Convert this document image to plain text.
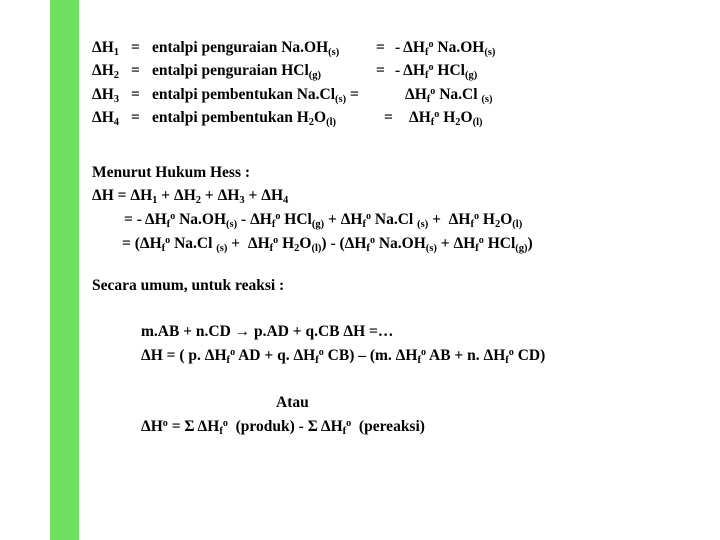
$\Delta H_1$ = entalpi penguraian $Na.OH_{(s)}$ = - $\Delta H_f^o$ $Na.OH_{(s)}$
$\Delta H_2$ = entalpi penguraian HCl$_{(g)}$	= - $\Delta H_f^o$ HCl$_{(g)}$
$\Delta H_3$ = entalpi pembentukan $Na.Cl_{(s)}$ =	$\Delta H_f^o$ Na.Cl $_{(s)}$
$\Delta H_4$ = entalpi pembentukan $H_2O_{(l)}$	= $\Delta H_f^o$ $H_2O_{(l)}$
Menurut Hukum Hess :
$\Delta H = \Delta H_1 + \Delta H_2 + \Delta H_3 + \Delta H_4$
= - $\Delta H_f^o$ $Na.OH_{(s)} - \Delta H_f^o$ $HCl_{(g)} + \Delta H_f^o$ Na.Cl $_{(s)} + \Delta H_f^o$ $H_2O_{(l)}$
= ($\Delta H_f^o$ Na.Cl $_{(s)} + \Delta H_f^o$ $H_2O_{(l)}) - (\Delta H_f^o$ $Na.OH_{(s)} + \Delta H_f^o$ HCl$_{(g)}$)
Secara umum, untuk reaksi :
m.AB + n.CD → p.AD + q.CB ΔH =…
ΔH = ( p. $\Delta H_f^o$ AD + q. $\Delta H_f^o$ CB) – (m. $\Delta H_f^o$ AB + n. $\Delta H_f^o$ CD)
Atau
$\Delta H^o = \Sigma$ $\Delta H_f^o$  (produk) - Σ $\Delta H_f^o$ (pereaksi)
